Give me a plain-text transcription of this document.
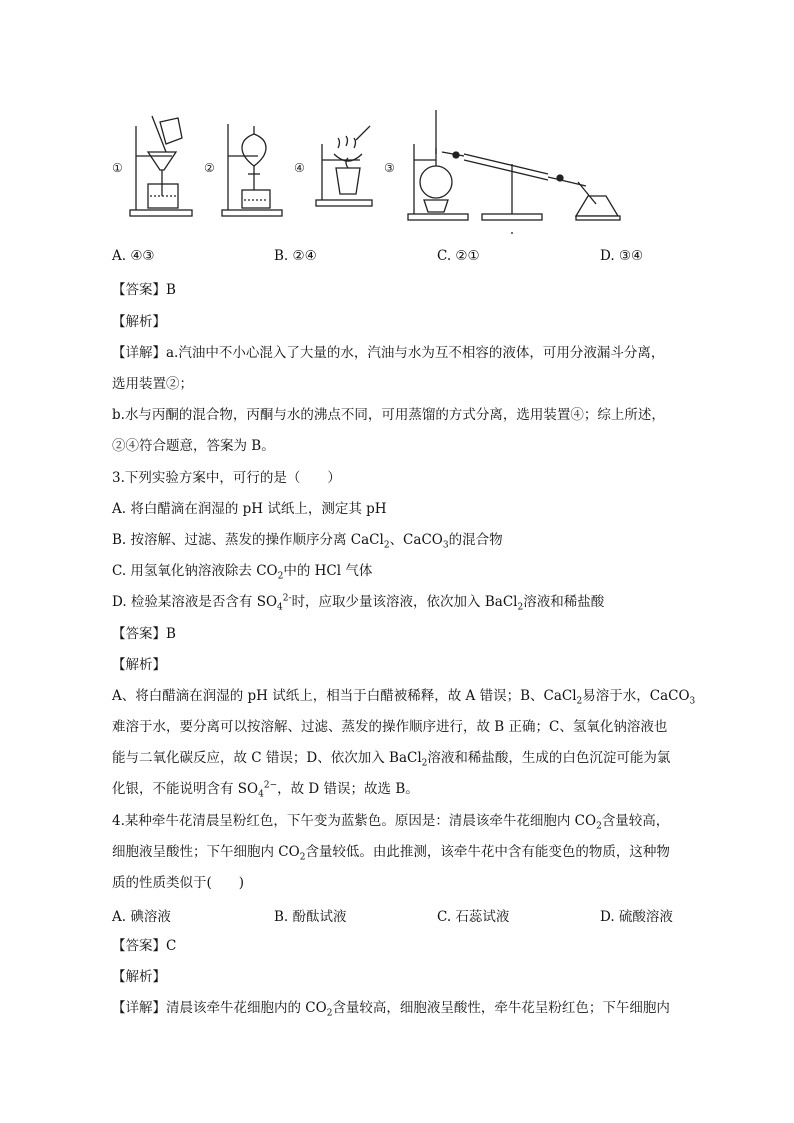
①	②	④	③
A. ④③	B. ②④	C. ②①	D. ③④
【答案】B
【解析】
【详解】a.汽油中不小心混入了大量的水，汽油与水为互不相容的液体，可用分液漏斗分离，
选用装置②；
b.水与丙酮的混合物，丙酮与水的沸点不同，可用蒸馏的方式分离，选用装置④；综上所述，
②④符合题意，答案为 B。
3.下列实验方案中，可行的是（　　）
A. 将白醋滴在润湿的 pH 试纸上，测定其 pH
B. 按溶解、过滤、蒸发的操作顺序分离 CaCl$_2$、CaCO$_3$的混合物
C. 用氢氧化钠溶液除去 $CO_2$中的 HCl 气体
D. 检验某溶液是否含有 $SO_4^{2-}$时，应取少量该溶液，依次加入 BaCl$_2$溶液和稀盐酸
【答案】B
【解析】
A、将白醋滴在润湿的 pH 试纸上，相当于白醋被稀释，故 A 错误；B、CaCl$_2$易溶于水，CaCO$_3$
难溶于水，要分离可以按溶解、过滤、蒸发的操作顺序进行，故 B 正确；C、氢氧化钠溶液也
能与二氧化碳反应，故 C 错误；D、依次加入 BaCl$_2$溶液和稀盐酸，生成的白色沉淀可能为氯
化银，不能说明含有 $SO_4^{2-}$，故 D 错误；故选 B。
4.某种牵牛花清晨呈粉红色，下午变为蓝紫色。原因是：清晨该牵牛花细胞内 $CO_2$含量较高，
细胞液呈酸性；下午细胞内 $CO_2$含量较低。由此推测，该牵牛花中含有能变色的物质，这种物
质的性质类似于(　　)
A. 碘溶液	B. 酚酞试液	C. 石蕊试液	D. 硫酸溶液
【答案】C
【解析】
【详解】清晨该牵牛花细胞内的 $CO_2$含量较高，细胞液呈酸性，牵牛花呈粉红色；下午细胞内
